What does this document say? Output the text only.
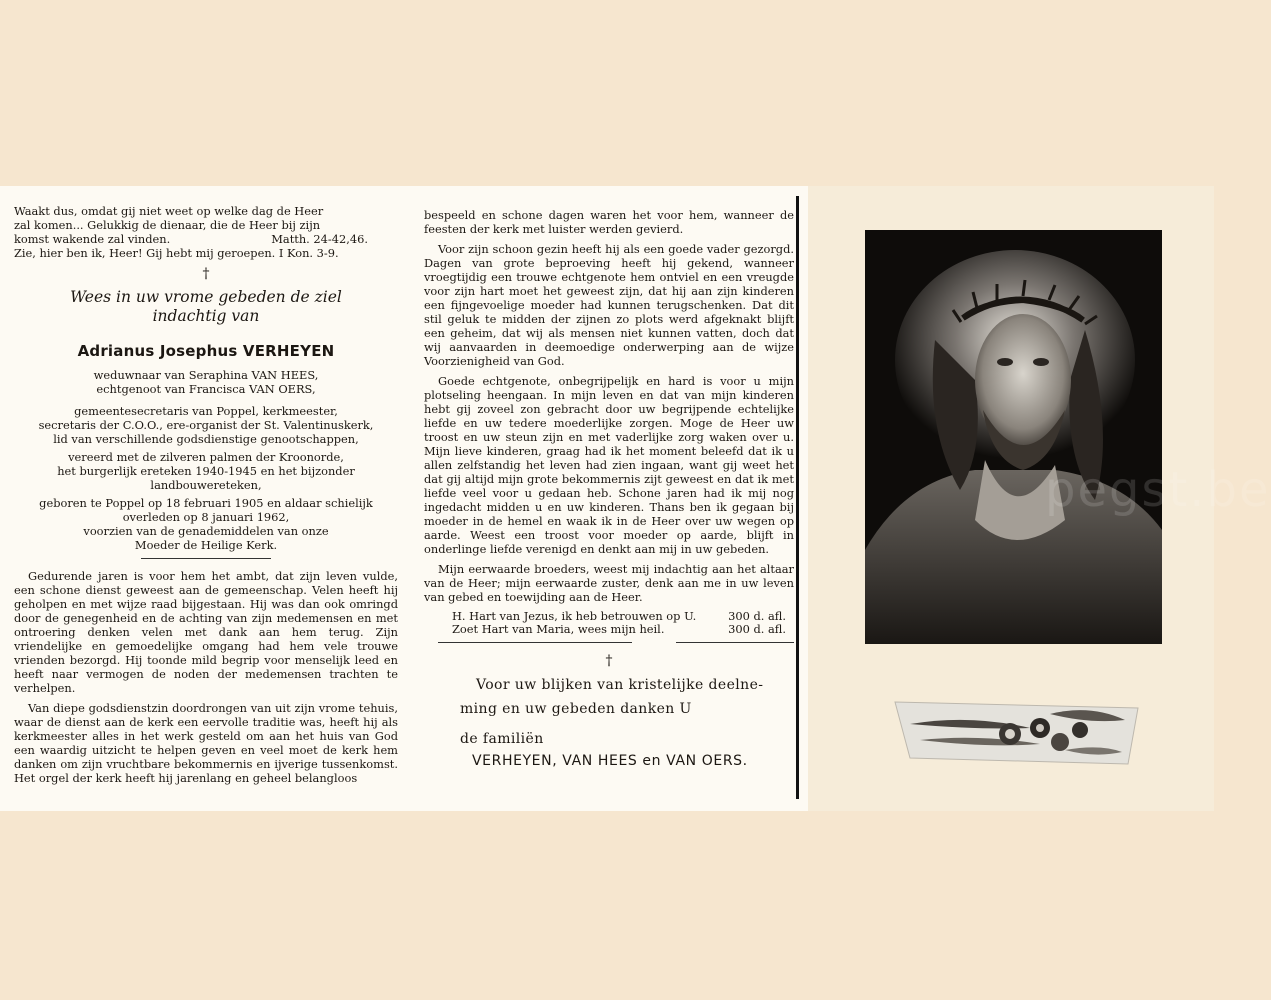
Waakt dus, omdat gij niet weet op welke dag de Heer
zal komen... Gelukkig de dienaar, die de Heer bij zijn
komst wakende zal vinden.	Matth. 24-42,46.
Zie, hier ben ik, Heer! Gij hebt mij geroepen. I Kon. 3-9.
†
Wees in uw vrome gebeden de ziel
indachtig van
Adrianus Josephus VERHEYEN
weduwnaar van Seraphina VAN HEES,
echtgenoot van Francisca VAN OERS,
gemeentesecretaris van Poppel, kerkmeester,
secretaris der C.O.O., ere-organist der St. Valentinuskerk,
lid van verschillende godsdienstige genootschappen,
vereerd met de zilveren palmen der Kroonorde,
het burgerlijk ereteken 1940-1945 en het bijzonder
landbouwereteken,
geboren te Poppel op 18 februari 1905 en aldaar schielijk
overleden op 8 januari 1962,
voorzien van de genademiddelen van onze
Moeder de Heilige Kerk.

Gedurende jaren is voor hem het ambt, dat zijn leven vulde, een schone dienst geweest aan de gemeenschap. Velen heeft hij geholpen en met wijze raad bijgestaan. Hij was dan ook omringd door de genegenheid en de achting van zijn medemensen en met ontroering denken velen met dank aan hem terug. Zijn vriendelijke en gemoedelijke omgang had hem vele trouwe vrienden bezorgd. Hij toonde mild begrip voor menselijk leed en heeft naar vermogen de noden der medemensen trachten te verhelpen.

Van diepe godsdienstzin doordrongen van uit zijn vrome tehuis, waar de dienst aan de kerk een eervolle traditie was, heeft hij als kerkmeester alles in het werk gesteld om aan het huis van God een waardig uitzicht te helpen geven en veel moet de kerk hem danken om zijn vruchtbare bekommernis en ijverige tussenkomst. Het orgel der kerk heeft hij jarenlang en geheel belangloos

bespeeld en schone dagen waren het voor hem, wanneer de feesten der kerk met luister werden gevierd.

Voor zijn schoon gezin heeft hij als een goede vader gezorgd. Dagen van grote beproeving heeft hij gekend, wanneer vroegtijdig een trouwe echtgenote hem ontviel en een vreugde voor zijn hart moet het geweest zijn, dat hij aan zijn kinderen een fijngevoelige moeder had kunnen terugschenken. Dat dit stil geluk te midden der zijnen zo plots werd afgeknakt blijft een geheim, dat wij als mensen niet kunnen vatten, doch dat wij aanvaarden in deemoedige onderwerping aan de wijze Voorzienigheid van God.

Goede echtgenote, onbegrijpelijk en hard is voor u mijn plotseling heengaan. In mijn leven en dat van mijn kinderen hebt gij zoveel zon gebracht door uw begrijpende echtelijke liefde en uw tedere moederlijke zorgen. Moge de Heer uw troost en uw steun zijn en met vaderlijke zorg waken over u. Mijn lieve kinderen, graag had ik het moment beleefd dat ik u allen zelfstandig het leven had zien ingaan, want gij weet het dat gij altijd mijn grote bekommernis zijt geweest en dat ik met liefde veel voor u gedaan heb. Schone jaren had ik mij nog ingedacht midden u en uw kinderen. Thans ben ik gegaan bij moeder in de hemel en waak ik in de Heer over uw wegen op aarde. Weest een troost voor moeder op aarde, blijft in onderlinge liefde verenigd en denkt aan mij in uw gebeden.

Mijn eerwaarde broeders, weest mij indachtig aan het altaar van de Heer; mijn eerwaarde zuster, denk aan me in uw leven van gebed en toewijding aan de Heer.

H. Hart van Jezus, ik heb betrouwen op U.	300 d. afl.
Zoet Hart van Maria, wees mijn heil.	300 d. afl.
†
Voor uw blijken van kristelijke deelne-
ming en uw gebeden danken U
de familiën
VERHEYEN, VAN HEES en VAN OERS.
pegst.be
